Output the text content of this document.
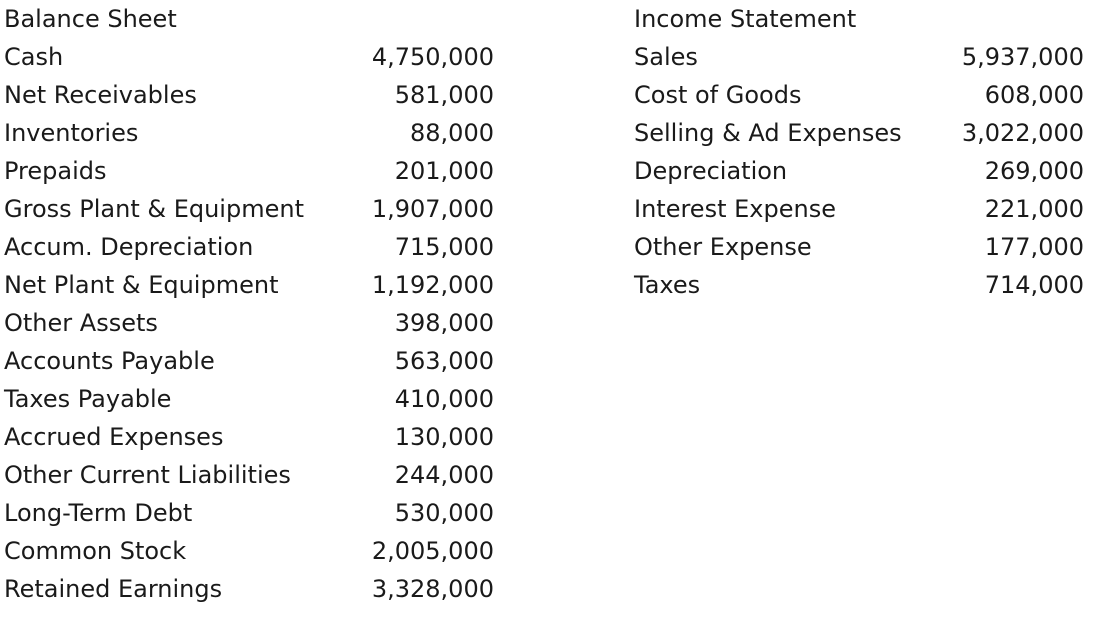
Balance Sheet
Cash	4,750,000
Net Receivables	581,000
Inventories	88,000
Prepaids	201,000
Gross Plant & Equipment	1,907,000
Accum. Depreciation	715,000
Net Plant & Equipment	1,192,000
Other Assets	398,000
Accounts Payable	563,000
Taxes Payable	410,000
Accrued Expenses	130,000
Other Current Liabilities	244,000
Long-Term Debt	530,000
Common Stock	2,005,000
Retained Earnings	3,328,000
Income Statement
Sales	5,937,000
Cost of Goods	608,000
Selling & Ad Expenses	3,022,000
Depreciation	269,000
Interest Expense	221,000
Other Expense	177,000
Taxes	714,000
